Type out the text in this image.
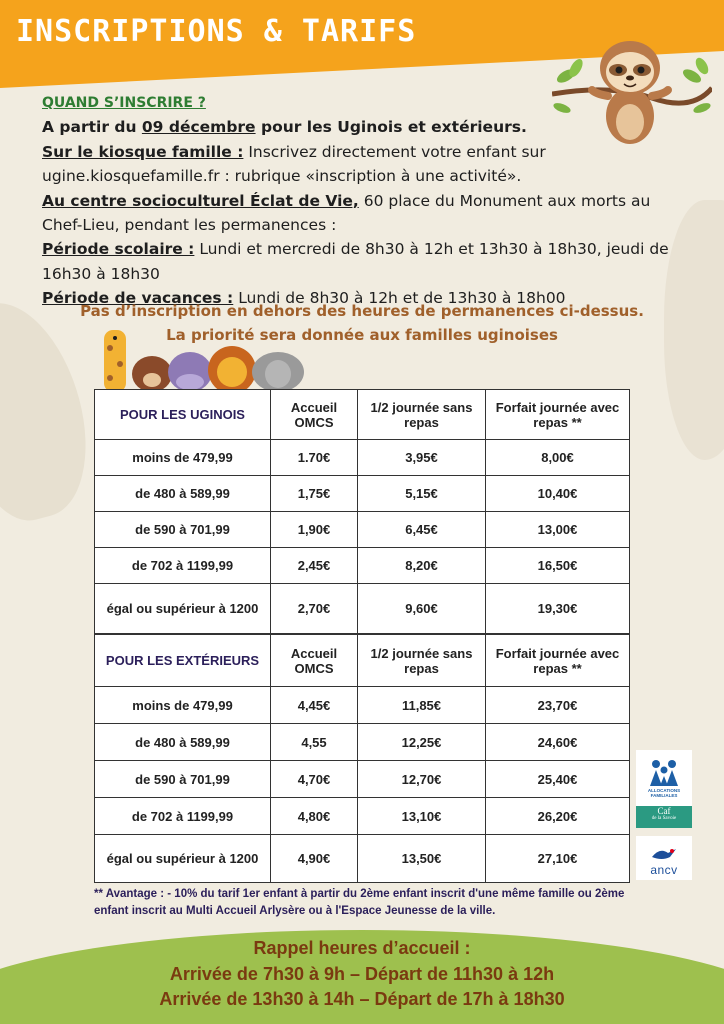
INSCRIPTIONS & TARIFS
QUAND S’INSCRIRE ?
A partir du 09 décembre pour les Uginois et extérieurs.
Sur le kiosque famille : Inscrivez directement votre enfant sur ugine.kiosquefamille.fr : rubrique «inscription à une activité».
Au centre socioculturel Éclat de Vie, 60 place du Monument aux morts au Chef-Lieu, pendant les permanences :
Période scolaire : Lundi et mercredi de 8h30 à 12h et 13h30 à 18h30, jeudi de 16h30 à 18h30
Période de vacances : Lundi de 8h30 à 12h et de 13h30 à 18h00
Pas d’inscription en dehors des heures de permanences ci-dessus.
La priorité sera donnée aux familles uginoises
POUR LES UGINOIS	Accueil OMCS	1/2 journée sans repas	Forfait journée avec repas **
moins de 479,99	1.70€	3,95€	8,00€
de 480 à 589,99	1,75€	5,15€	10,40€
de 590 à 701,99	1,90€	6,45€	13,00€
de 702 à 1199,99	2,45€	8,20€	16,50€
égal ou supérieur à 1200	2,70€	9,60€	19,30€
POUR LES EXTÉRIEURS	Accueil OMCS	1/2 journée sans repas	Forfait journée avec repas **
moins de 479,99	4,45€	11,85€	23,70€
de 480 à 589,99	4,55	12,25€	24,60€
de 590 à 701,99	4,70€	12,70€	25,40€
de 702 à 1199,99	4,80€	13,10€	26,20€
égal ou supérieur à 1200	4,90€	13,50€	27,10€
ALLOCATIONS FAMILIALES
Caf
de la Savoie
ancv
** Avantage : - 10% du tarif 1er enfant à partir du 2ème enfant inscrit d'une même famille ou 2ème enfant inscrit au Multi Accueil Arlysère ou à l'Espace Jeunesse de la ville.
Rappel heures d’accueil :
Arrivée de 7h30 à 9h – Départ de 11h30 à 12h
Arrivée de 13h30 à 14h – Départ de 17h à 18h30
